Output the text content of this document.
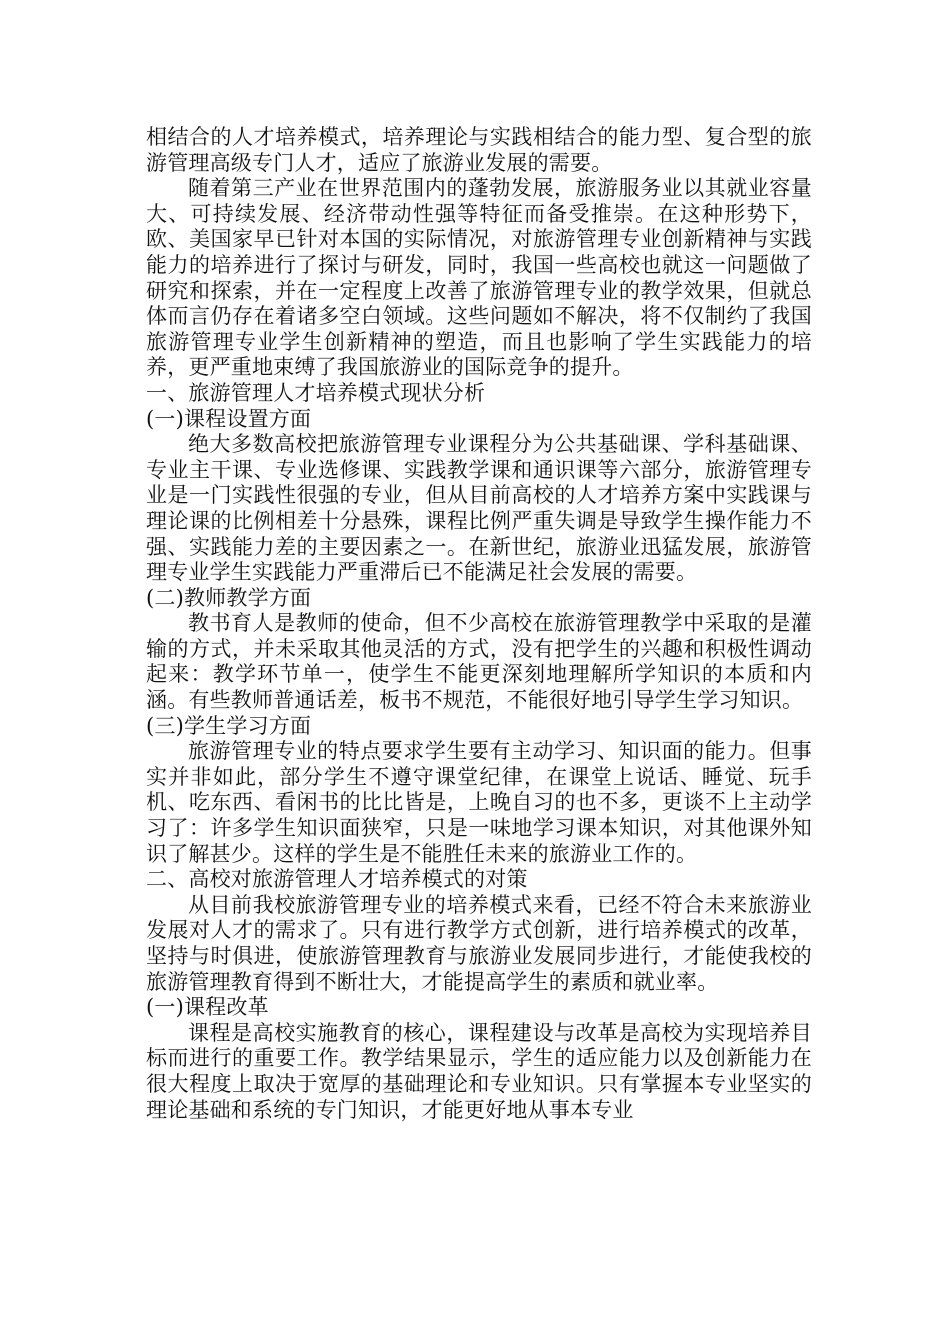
相结合的人才培养模式，培养理论与实践相结合的能力型、复合型的旅游管理高级专门人才，适应了旅游业发展的需要。

随着第三产业在世界范围内的蓬勃发展，旅游服务业以其就业容量大、可持续发展、经济带动性强等特征而备受推崇。在这种形势下，欧、美国家早已针对本国的实际情况，对旅游管理专业创新精神与实践能力的培养进行了探讨与研发，同时，我国一些高校也就这一问题做了研究和探索，并在一定程度上改善了旅游管理专业的教学效果，但就总体而言仍存在着诸多空白领域。这些问题如不解决，将不仅制约了我国旅游管理专业学生创新精神的塑造，而且也影响了学生实践能力的培养，更严重地束缚了我国旅游业的国际竞争的提升。

一、旅游管理人才培养模式现状分析

(一)课程设置方面

绝大多数高校把旅游管理专业课程分为公共基础课、学科基础课、专业主干课、专业选修课、实践教学课和通识课等六部分，旅游管理专业是一门实践性很强的专业，但从目前高校的人才培养方案中实践课与理论课的比例相差十分悬殊，课程比例严重失调是导致学生操作能力不强、实践能力差的主要因素之一。在新世纪，旅游业迅猛发展，旅游管理专业学生实践能力严重滞后已不能满足社会发展的需要。

(二)教师教学方面

教书育人是教师的使命，但不少高校在旅游管理教学中采取的是灌输的方式，并未采取其他灵活的方式，没有把学生的兴趣和积极性调动起来：教学环节单一，使学生不能更深刻地理解所学知识的本质和内涵。有些教师普通话差，板书不规范，不能很好地引导学生学习知识。

(三)学生学习方面

旅游管理专业的特点要求学生要有主动学习、知识面的能力。但事实并非如此，部分学生不遵守课堂纪律，在课堂上说话、睡觉、玩手机、吃东西、看闲书的比比皆是，上晚自习的也不多，更谈不上主动学习了：许多学生知识面狭窄，只是一味地学习课本知识，对其他课外知识了解甚少。这样的学生是不能胜任未来的旅游业工作的。

二、高校对旅游管理人才培养模式的对策

从目前我校旅游管理专业的培养模式来看，已经不符合未来旅游业发展对人才的需求了。只有进行教学方式创新，进行培养模式的改革，坚持与时俱进，使旅游管理教育与旅游业发展同步进行，才能使我校的旅游管理教育得到不断壮大，才能提高学生的素质和就业率。

(一)课程改革

课程是高校实施教育的核心，课程建设与改革是高校为实现培养目标而进行的重要工作。教学结果显示，学生的适应能力以及创新能力在很大程度上取决于宽厚的基础理论和专业知识。只有掌握本专业坚实的理论基础和系统的专门知识，才能更好地从事本专业
